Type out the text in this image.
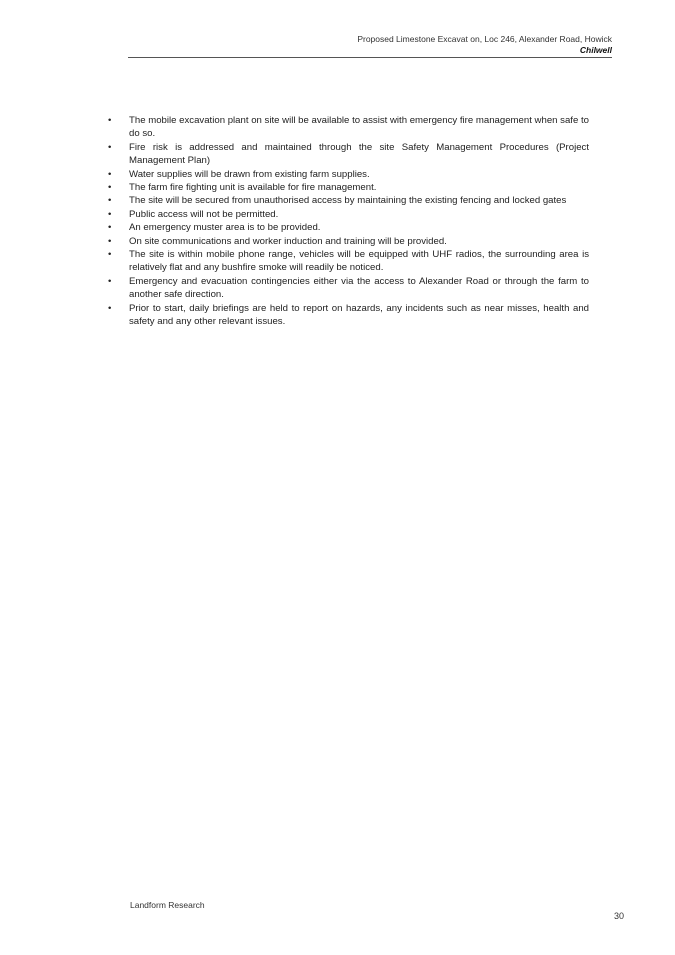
Proposed Limestone Excavat on, Loc 246, Alexander Road, Howick
Chilwell
•	The mobile excavation plant on site will be available to assist with emergency fire management when safe to do so.
•	Fire risk is addressed and maintained through the site Safety Management Procedures (Project Management Plan)
•	Water supplies will be drawn from existing farm supplies.
•	The farm fire fighting unit is available for fire management.
•	The site will be secured from unauthorised access by maintaining the existing fencing and locked gates
•	Public access will not be permitted.
•	An emergency muster area is to be provided.
•	On site communications and worker induction and training will be provided.
•	The site is within mobile phone range, vehicles will be equipped with UHF radios, the surrounding area is relatively flat and any bushfire smoke will readily be noticed.
•	Emergency and evacuation contingencies either via the access to Alexander Road or through the farm to another safe direction.
•	Prior to start, daily briefings are held to report on hazards, any incidents such as near misses, health and safety and any other relevant issues.
Landform Research
30
